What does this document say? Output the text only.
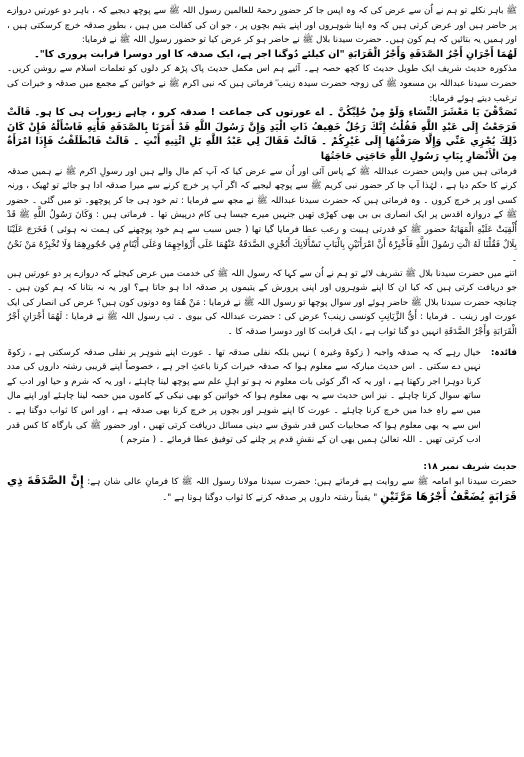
ﷺ باہر نکلے تو ہم نے اُن سے عرض کی کہ وہ اپس جا کر حضورِ رحمۃ للعالمین رسول اللہ ﷺ سے پوچھ دیجیے کہ ، باہر دو عورتیں دروازے پر حاضر ہیں اور عرض کرتی ہیں کہ وہ اپنا شوہروں اور اپنے یتیم بچوں پر ، جو ان کی کفالت میں ہیں ، بطورِ صدقہ خرچ کرسکتی ہیں ، اور ہمیں یہ بتائیں کہ ہم کون ہیں۔ حضرت سیدنا بلال ﷺ نے حاضر ہو کر عرض کیا تو حضور رسول اللہ ﷺ نے فرمایا:

لَهُمَا أَجْرَانِ أَجْرُ الصَّدَقَةِ وَأَجْرُ الْقَرَابَةِ "ان کیلئے دُوگنا اجر ہے، ایک صدقہ کا اور دوسرا قرابت پروری کا"۔

مذکورہ حدیث شریف ایک طویل حدیث کا کچھ حصہ ہے۔ آئیے ہم اس مکمل حدیث پاک پڑھ کر دلوں کو تعلمات اسلام سے روشن کریں۔ حضرت سیدنا عبداللہ بن مسعود ﷺ کی زوجہ حضرت سیدہ زینب ؓ فرماتی ہیں کہ نبی اکرم ﷺ نے خواتین کے مجمع میں صدقہ و خیرات کی ترغیب دیتے ہوئے فرمایا:

تَصَدَّقْنَ يَا مَعْشَرَ النِّسَاءِ وَلَوْ مِنْ حُلِيِّكُنَّ ۔ اے عورتوں کی جماعت ! صدقہ کرو ، چاہے زیورات ہی کا ہو۔ قَالَتْ فَرَجَعْتُ إِلَى عَبْدِ اللَّهِ فَقُلْتُ إِنَّكَ رَجُلٌ خَفِيفُ ذَاتِ الْيَدِ وَإِنَّ رَسُولَ اللَّهِ قَدْ أَمَرَنَا بِالصَّدَقَةِ فَأْتِهِ فَاسْأَلْهُ فَإِنْ كَانَ ذَلِكَ يُجْزِي عَنِّي وَإِلَّا صَرَفْتُهَا إِلَى غَيْرِكُمْ ۔ قَالَتْ فَقَالَ لِي عَبْدُ اللَّهِ بَلِ ائْتِيهِ أَنْتِ ۔ قَالَتْ فَانْطَلَقْتُ فَإِذَا امْرَأَةٌ مِنَ الْأَنْصَارِ بِبَابِ رَسُولِ اللَّهِ حَاجَتِي حَاجَتُهَا

فرماتی ہیں میں واپس حضرت عبداللہ ﷺ کے پاس آئی اور اُن سے عرض کیا کہ آپ کم مال والے ہیں اور رسولِ اکرم ﷺ نے ہمیں صدقہ کرنے کا حکم دیا ہے ، لہٰذا آپ جا کر حضور نبی کریم ﷺ سے پوچھ لیجیے کہ اگر آپ پر خرچ کرنے سے میرا صدقہ ادا ہو جائے تو ٹھیک ، ورنہ کسی اور پر خرچ کروں ۔ وہ فرماتی ہیں کہ حضرت سیدنا عبداللہ ﷺ نے مجھ سے فرمایا : تم خود ہی جا کر پوچھو۔ تو میں گئی ۔ حضور ﷺ کے دروازہ اقدس پر ایک انصاری بی بی بھی کھڑی تھیں جنہیں میرے جیسا ہی کام درپیش تھا ۔ فرماتی ہیں : وَكَانَ رَسُولُ اللَّهِ ﷺ قَدْ أُلْقِيَتْ عَلَيْهِ الْمَهَابَةُ حضور ﷺ کو قدرتی ہیبت و رعب عطا فرمایا گیا تھا ( جس سبب سے ہم خود پوچھنے کی ہمت نہ ہوئی ) فَخَرَجَ عَلَيْنَا بِلَالٌ فَقُلْنَا لَهُ ائْتِ رَسُولَ اللَّهِ فَأَخْبِرْهُ أَنَّ امْرَأَتَيْنِ بِالْبَابِ تَسْأَلَانِكَ أَتُجْزِي الصَّدَقَةُ عَنْهُمَا عَلَى أَزْوَاجِهِمَا وَعَلَى أَيْتَامٍ فِي حُجُورِهِمَا وَلَا تُخْبِرْهُ مَنْ نَحْنُ ۔

اتنے میں حضرت سیدنا بلال ﷺ تشریف لائے تو ہم نے اُن سے کہا کہ رسول اللہ ﷺ کی خدمت میں عرض کیجئے کہ دروازے پر دو عورتیں ہیں جو دریافت کرتی ہیں کہ کیا ان کا اپنے شوہروں اور اپنی پرورش کے یتیموں پر صدقہ ادا ہو جاتا ہے؟ اور یہ نہ بتانا کہ ہم کون ہیں ۔ چنانچہ حضرت سیدنا بلال ﷺ حاضر ہوئے اور سوال پوچھا تو رسول اللہ ﷺ نے فرمایا : مَنْ هُمَا وہ دونوں کون ہیں؟ عرض کی انصار کی ایک عورت اور زینب ۔ فرمایا : أَيُّ الزَّيَانِبِ کونسی زینب؟ عرض کی : حضرت عبداللہ کی بیوی ۔ تب رسول اللہ ﷺ نے فرمایا : لَهُمَا أَجْرَانِ أَجْرُ الْقَرَابَةِ وَأَجْرُ الصَّدَقَةِ انہیں دو گنا ثواب ہے ، ایک قرابت کا اور دوسرا صدقہ کا ۔

فائدہ:
خیال رہے کہ یہ صدقہ واجبہ ( زکوۃ وغیرہ ) نہیں بلکہ نفلی صدقہ تھا ۔ عورت اپنے شوہر پر نفلی صدقہ کرسکتی ہے ، زکوۃ نہیں دے سکتی ۔ اس حدیث مبارکہ سے معلوم ہوا کہ صدقہ خیرات کرنا باعثِ اجر ہے ، خصوصاً اپنے قریبی رشتہ داروں کی مدد کرنا دوہرا اجر رکھتا ہے ، اور یہ کہ اگر کوئی بات معلوم نہ ہو تو اہلِ علم سے پوچھ لینا چاہئے ، اور یہ کہ شرم و حیا اور ادب کے ساتھ سوال کرنا چاہئے ۔ نیز اس حدیث سے یہ بھی معلوم ہوا کہ خواتین کو بھی نیکی کے کاموں میں حصہ لینا چاہئے اور اپنے مال میں سے راہِ خدا میں خرچ کرنا چاہئے ۔ عورت کا اپنے شوہر اور بچوں پر خرچ کرنا بھی صدقہ ہے ، اور اس کا ثواب دوگنا ہے ۔ اس سے یہ بھی معلوم ہوا کہ صحابیات کس قدر شوق سے دینی مسائل دریافت کرتی تھیں ، اور حضور ﷺ کی بارگاہ کا کس قدر ادب کرتی تھیں ۔ اللہ تعالیٰ ہمیں بھی ان کے نقشِ قدم پر چلنے کی توفیق عطا فرمائے ۔ ( مترجم )
حدیث شریف نمبر ۱۸:

حضرت سیدنا ابو امامہ ﷺ سے روایت ہے فرماتے ہیں: حضرت سیدنا مولانا رسول اللہ ﷺ کا فرمانِ عالی شان ہے: إِنَّ الصَّدَقَةَ ذِي قَرَابَةٍ يُضَعَّفُ أَجْرُهَا مَرَّتَيْنِ " یقیناً رشتہ داروں پر صدقہ کرنے کا ثواب دوگنا ہوتا ہے "۔
